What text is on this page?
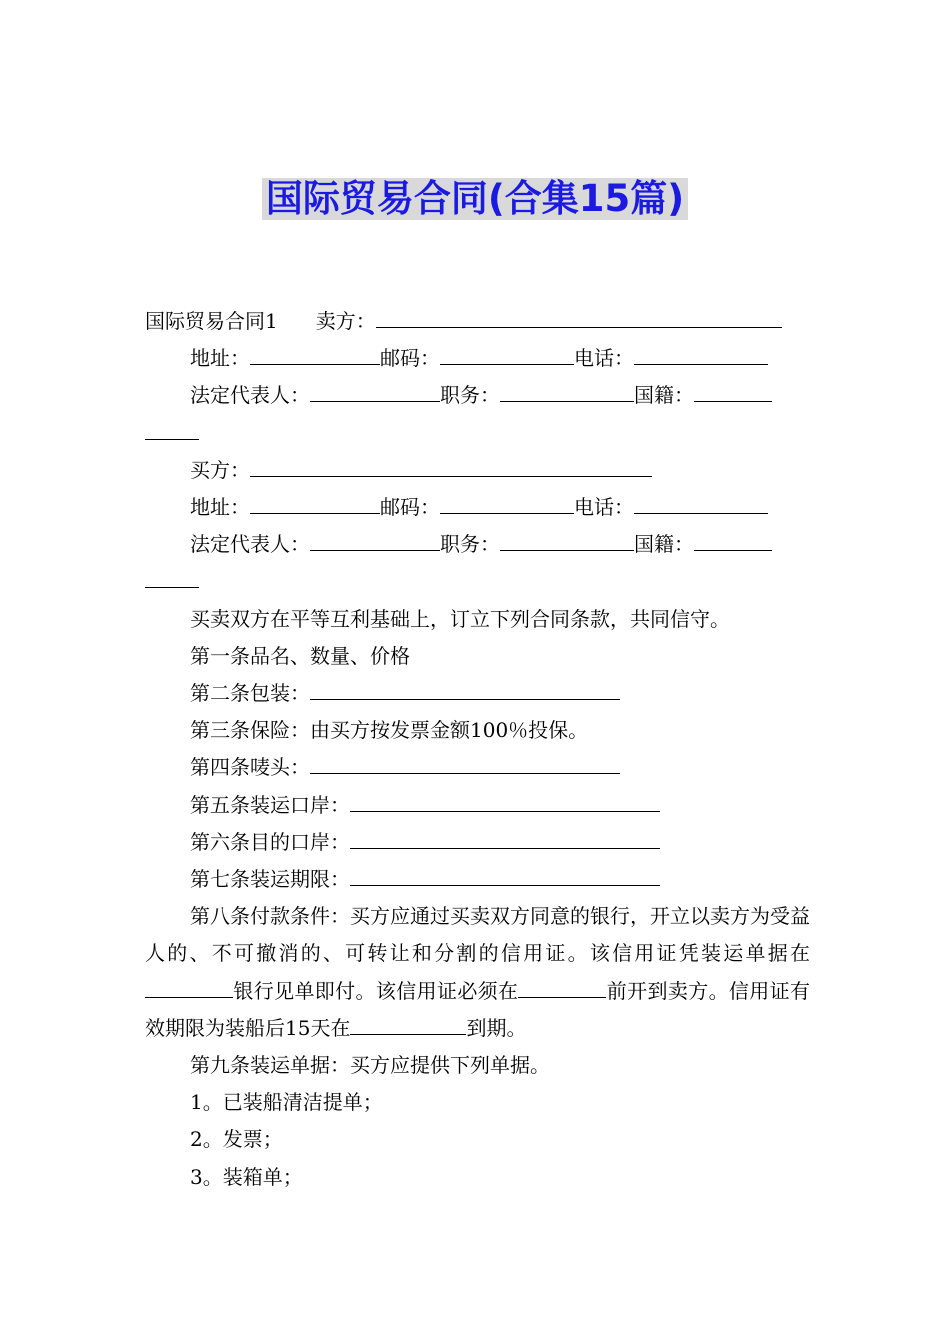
国际贸易合同(合集15篇)

国际贸易合同1 卖方：

地址：	邮码：	电话：

法定代表人：	职务：	国籍：

买方：

地址：	邮码：	电话：

法定代表人：	职务：	国籍：

买卖双方在平等互利基础上，订立下列合同条款，共同信守。

第一条品名、数量、价格

第二条包装：

第三条保险：由买方按发票金额100％投保。

第四条唛头：

第五条装运口岸：

第六条目的口岸：

第七条装运期限：

第八条付款条件：买方应通过买卖双方同意的银行，开立以卖方为受益人的、不可撤消的、可转让和分割的信用证。该信用证凭装运单据在银行见单即付。该信用证必须在	前开到卖方。信用证有效期限为装船后15天在	到期。

第九条装运单据：买方应提供下列单据。

1。已装船清洁提单；

2。发票；

3。装箱单；
